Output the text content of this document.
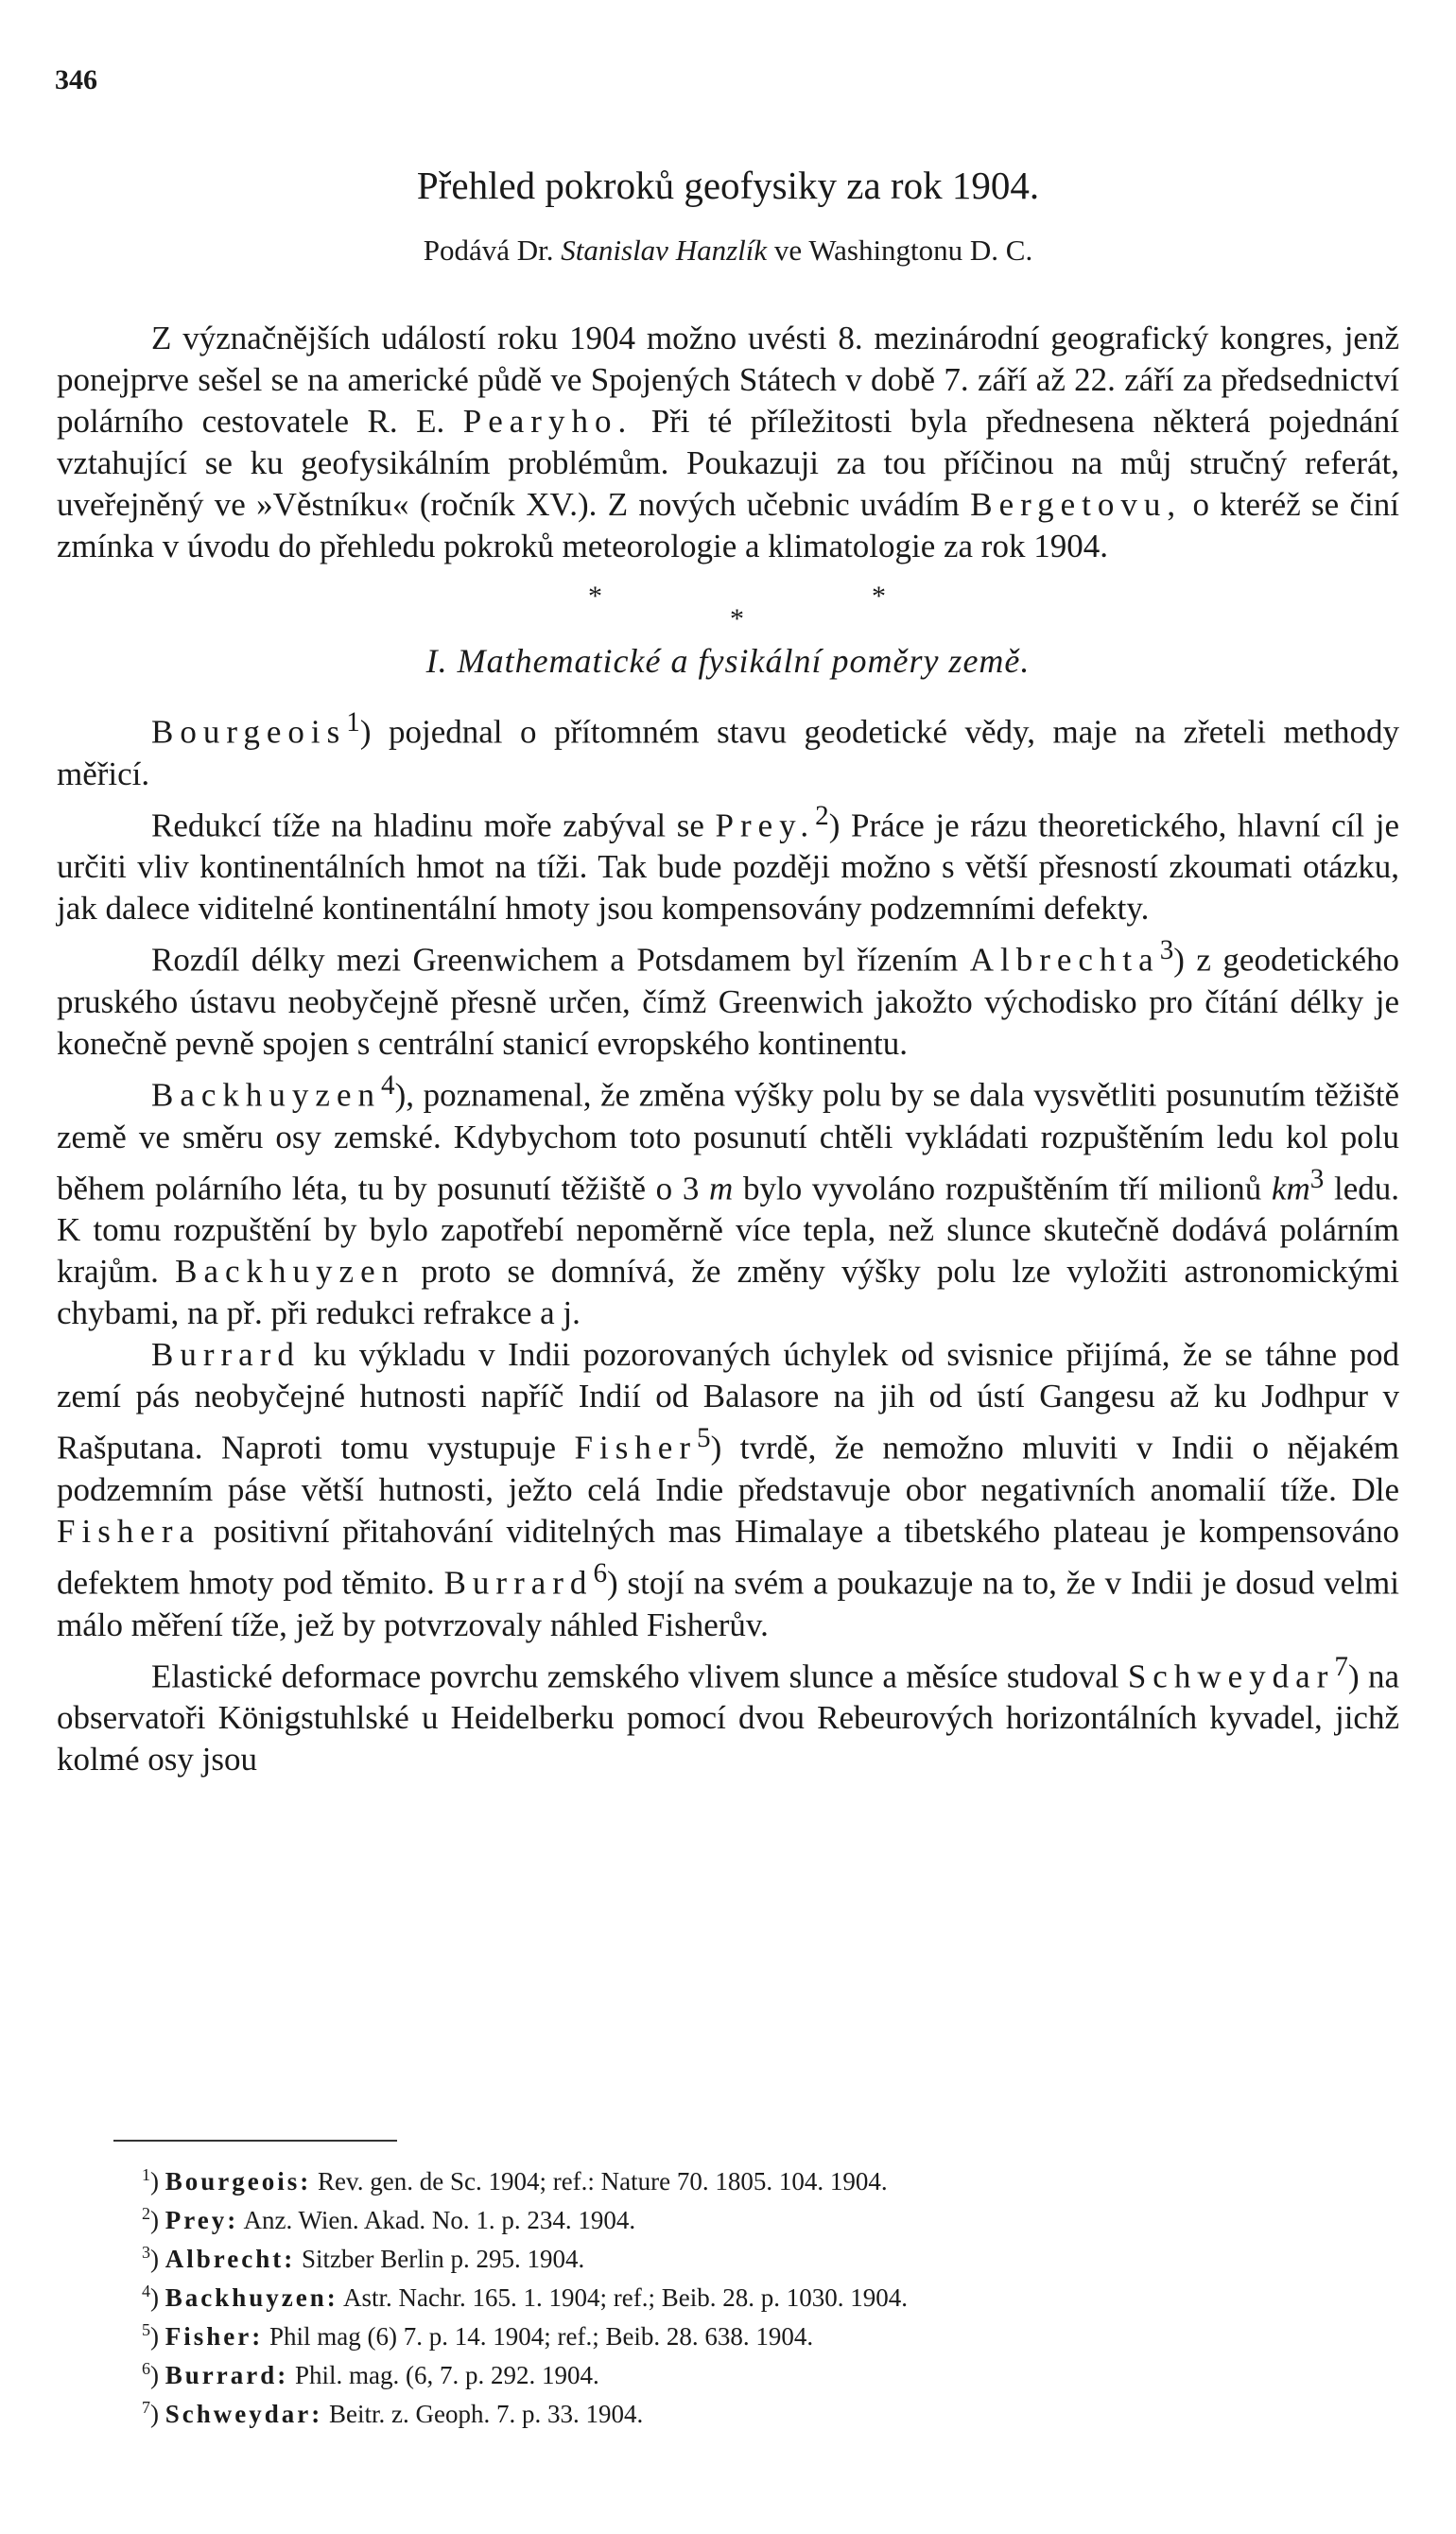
346
Přehled pokroků geofysiky za rok 1904.
Podává Dr. Stanislav Hanzlík ve Washingtonu D. C.

Z význačnějších událostí roku 1904 možno uvésti 8. mezinárodní geografický kongres, jenž ponejprve sešel se na americké půdě ve Spojených Státech v době 7. září až 22. září za předsednictví polárního cestovatele R. E. Pearyho. Při té příležitosti byla přednesena některá pojednání vztahující se ku geofysikálním problémům. Poukazuji za tou příčinou na můj stručný referát, uveřejněný ve »Věstníku« (ročník XV.). Z nových učebnic uvádím Bergetovu, o kteréž se činí zmínka v úvodu do přehledu pokroků meteorologie a klimatologie za rok 1904.

*	*
*
I. Mathematické a fysikální poměry země.

Bourgeois$^1$) pojednal o přítomném stavu geodetické vědy, maje na zřeteli methody měřicí.

Redukcí tíže na hladinu moře zabýval se Prey.$^2$) Práce je rázu theoretického, hlavní cíl je určiti vliv kontinentálních hmot na tíži. Tak bude později možno s větší přesností zkoumati otázku, jak dalece viditelné kontinentální hmoty jsou kompensovány podzemními defekty.

Rozdíl délky mezi Greenwichem a Potsdamem byl řízením Albrechta$^3$) z geodetického pruského ústavu neobyčejně přesně určen, čímž Greenwich jakožto východisko pro čítání délky je konečně pevně spojen s centrální stanicí evropského kontinentu.

Backhuyzen$^4$), poznamenal, že změna výšky polu by se dala vysvětliti posunutím těžiště země ve směru osy zemské. Kdybychom toto posunutí chtěli vykládati rozpuštěním ledu kol polu během polárního léta, tu by posunutí těžiště o 3 m bylo vyvoláno rozpuštěním tří milionů $km^3$ ledu. K tomu rozpuštění by bylo zapotřebí nepoměrně více tepla, než slunce skutečně dodává polárním krajům. Backhuyzen proto se domnívá, že změny výšky polu lze vyložiti astronomickými chybami, na př. při redukci refrakce a j.

Burrard ku výkladu v Indii pozorovaných úchylek od svisnice přijímá, že se táhne pod zemí pás neobyčejné hutnosti napříč Indií od Balasore na jih od ústí Gangesu až ku Jodhpur v Rašputana. Naproti tomu vystupuje Fisher$^5$) tvrdě, že nemožno mluviti v Indii o nějakém podzemním páse větší hutnosti, ježto celá Indie představuje obor negativních anomalií tíže. Dle Fishera positivní přitahování viditelných mas Himalaye a tibetského plateau je kompensováno defektem hmoty pod těmito. Burrard$^6$) stojí na svém a poukazuje na to, že v Indii je dosud velmi málo měření tíže, jež by potvrzovaly náhled Fisherův.

Elastické deformace povrchu zemského vlivem slunce a měsíce studoval Schweydar$^7$) na observatoři Königstuhlské u Heidelberku pomocí dvou Rebeurových horizontálních kyvadel, jichž kolmé osy jsou

$^1$) Bourgeois: Rev. gen. de Sc. 1904; ref.: Nature 70. 1805. 104. 1904.

$^2$) Prey: Anz. Wien. Akad. No. 1. p. 234. 1904.

$^3$) Albrecht: Sitzber Berlin p. 295. 1904.

$^4$) Backhuyzen: Astr. Nachr. 165. 1. 1904; ref.; Beib. 28. p. 1030. 1904.

$^5$) Fisher: Phil mag (6) 7. p. 14. 1904; ref.; Beib. 28. 638. 1904.

$^6$) Burrard: Phil. mag. (6, 7. p. 292. 1904.

$^7$) Schweydar: Beitr. z. Geoph. 7. p. 33. 1904.
